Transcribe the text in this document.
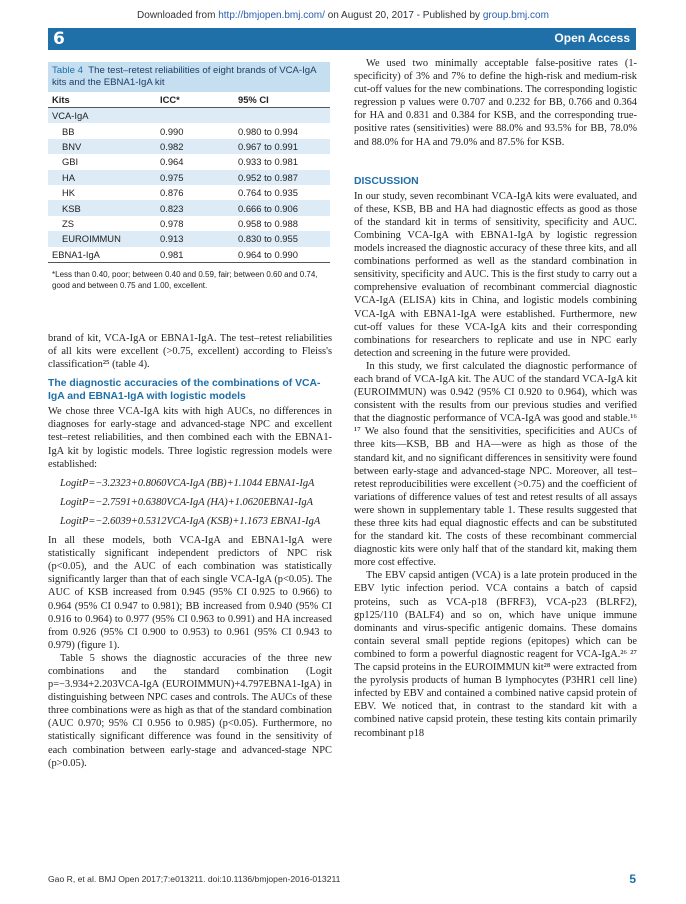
Downloaded from http://bmjopen.bmj.com/ on August 20, 2017 - Published by group.bmj.com
6	Open Access
Table 4 The test–retest reliabilities of eight brands of VCA-IgA kits and the EBNA1-IgA kit
Kits	ICC*	95% CI
VCA-IgA		
BB	0.990	0.980 to 0.994
BNV	0.982	0.967 to 0.991
GBI	0.964	0.933 to 0.981
HA	0.975	0.952 to 0.987
HK	0.876	0.764 to 0.935
KSB	0.823	0.666 to 0.906
ZS	0.978	0.958 to 0.988
EUROIMMUN	0.913	0.830 to 0.955
EBNA1-IgA	0.981	0.964 to 0.990
*Less than 0.40, poor; between 0.40 and 0.59, fair; between 0.60 and 0.74, good and between 0.75 and 1.00, excellent.

brand of kit, VCA-IgA or EBNA1-IgA. The test–retest reliabilities of all kits were excellent (>0.75, excellent) according to Fleiss's classification²⁵ (table 4).

The diagnostic accuracies of the combinations of VCA-IgA and EBNA1-IgA with logistic models

We chose three VCA-IgA kits with high AUCs, no differences in diagnoses for early-stage and advanced-stage NPC and excellent test–retest reliabilities, and then combined each with the EBNA1-IgA kit by logistic models. Three logistic regression models were established:

LogitP=−3.2323+0.8060VCA-IgA (BB)+1.1044 EBNA1-IgA

LogitP=−2.7591+0.6380VCA-IgA (HA)+1.0620EBNA1-IgA

LogitP=−2.6039+0.5312VCA-IgA (KSB)+1.1673 EBNA1-IgA

In all these models, both VCA-IgA and EBNA1-IgA were statistically significant independent predictors of NPC risk (p<0.05), and the AUC of each combination was statistically significantly larger than that of each single VCA-IgA (p<0.05). The AUC of KSB increased from 0.945 (95% CI 0.925 to 0.966) to 0.964 (95% CI 0.947 to 0.981); BB increased from 0.940 (95% CI 0.916 to 0.964) to 0.977 (95% CI 0.963 to 0.991) and HA increased from 0.926 (95% CI 0.900 to 0.953) to 0.961 (95% CI 0.943 to 0.979) (figure 1).

Table 5 shows the diagnostic accuracies of the three new combinations and the standard combination (Logit p=−3.934+2.203VCA-IgA (EUROIMMUN)+4.797EBNA1-IgA) in distinguishing between NPC cases and controls. The AUCs of these three combinations were as high as that of the standard combination (AUC 0.970; 95% CI 0.956 to 0.985) (p<0.05). Furthermore, no statistically significant difference was found in the sensitivity of each combination between early-stage and advanced-stage NPC (p>0.05).

We used two minimally acceptable false-positive rates (1-specificity) of 3% and 7% to define the high-risk and medium-risk cut-off values for the new combinations. The corresponding logistic regression p values were 0.707 and 0.232 for BB, 0.766 and 0.364 for HA and 0.831 and 0.384 for KSB, and the corresponding true-positive rates (sensitivities) were 88.0% and 93.5% for BB, 78.0% and 88.0% for HA and 79.0% and 87.5% for KSB.

DISCUSSION

In our study, seven recombinant VCA-IgA kits were evaluated, and of these, KSB, BB and HA had diagnostic effects as good as those of the standard kit in terms of sensitivity, specificity and AUC. Combining VCA-IgA with EBNA1-IgA by logistic regression models increased the diagnostic accuracy of these three kits, and all combinations performed as well as the standard combination in sensitivity, specificity and AUC. This is the first study to carry out a comprehensive evaluation of recombinant commercial diagnostic VCA-IgA (ELISA) kits in China, and logistic models combining VCA-IgA with EBNA1-IgA were established. Furthermore, new cut-off values for these VCA-IgA kits and their corresponding combinations for researchers to replicate and use in NPC early detection and screening in the future were provided.

In this study, we first calculated the diagnostic performance of each brand of VCA-IgA kit. The AUC of the standard VCA-IgA kit (EUROIMMUN) was 0.942 (95% CI 0.920 to 0.964), which was consistent with the results from our previous studies and verified that the diagnostic performance of VCA-IgA was good and stable.¹⁶ ¹⁷ We also found that the sensitivities, specificities and AUCs of three kits—KSB, BB and HA—were as high as those of the standard kit, and no significant differences in sensitivity were found between early-stage and advanced-stage NPC. Moreover, all test–retest reproducibilities were excellent (>0.75) and the coefficient of variations of difference values of test and retest results of all assays were shown in supplementary table 1. These results suggested that these three kits had equal diagnostic effects and can be substituted for the standard kit. The costs of these recombinant commercial diagnostic kits were only half that of the standard kit, making them more cost effective.

The EBV capsid antigen (VCA) is a late protein produced in the EBV lytic infection period. VCA contains a batch of capsid proteins, such as VCA-p18 (BFRF3), VCA-p23 (BLRF2), gp125/110 (BALF4) and so on, which have unique immune dominants and virus-specific antigenic domains. These domains contain several small peptide regions (epitopes) which can be combined to form a powerful diagnostic reagent for VCA-IgA.²⁶ ²⁷ The capsid proteins in the EUROIMMUN kit²⁸ were extracted from the pyrolysis products of human B lymphocytes (P3HR1 cell line) infected by EBV and contained a combined native capsid protein of EBV. We noticed that, in contrast to the standard kit with a combined native capsid protein, these testing kits contain primarily recombinant p18

Gao R, et al. BMJ Open 2017;7:e013211. doi:10.1136/bmjopen-2016-013211	5
